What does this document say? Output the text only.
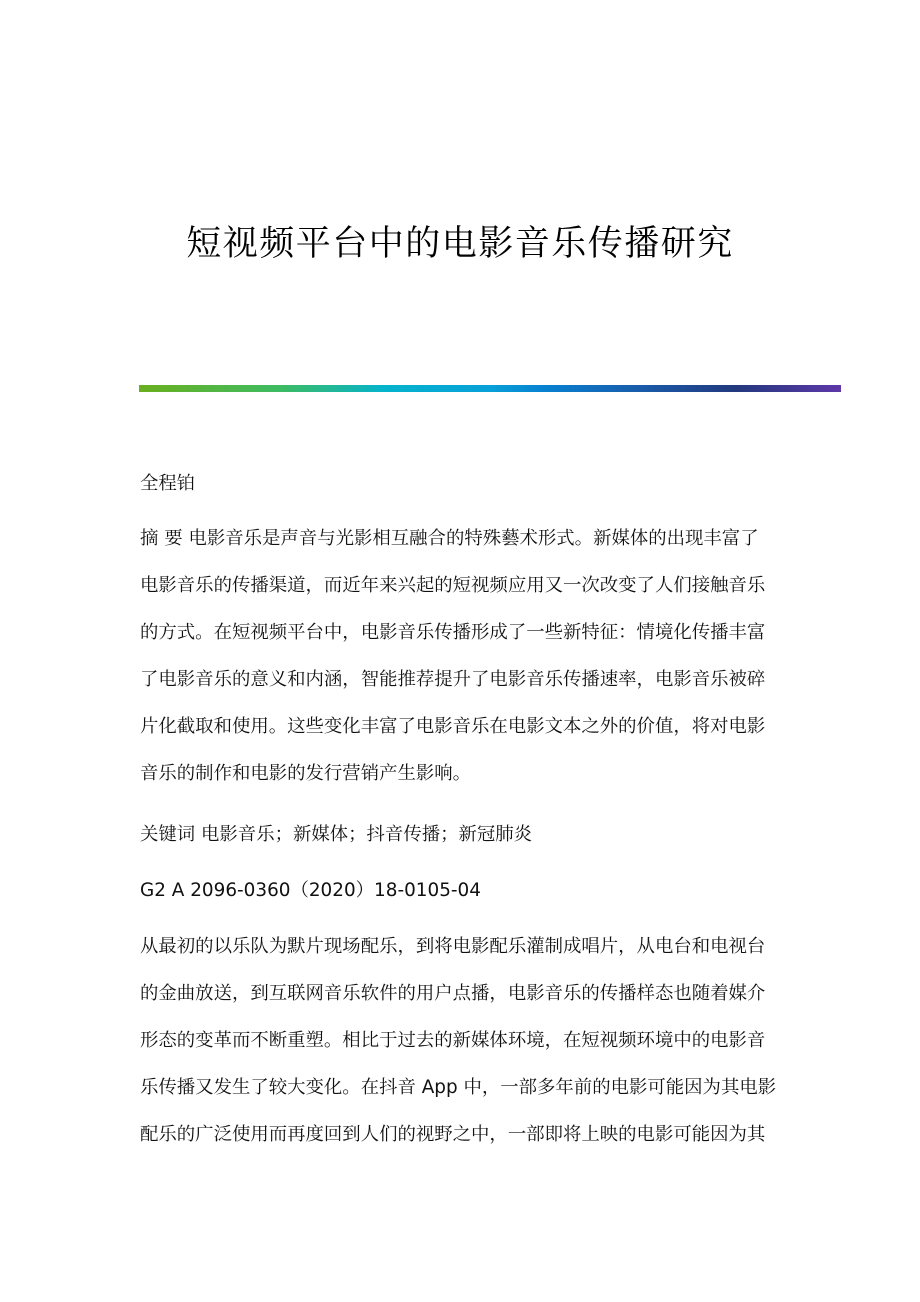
短视频平台中的电影音乐传播研究
全程铂
摘 要 电影音乐是声音与光影相互融合的特殊藝术形式。新媒体的出现丰富了
电影音乐的传播渠道，而近年来兴起的短视频应用又一次改变了人们接触音乐
的方式。在短视频平台中，电影音乐传播形成了一些新特征：情境化传播丰富
了电影音乐的意义和内涵，智能推荐提升了电影音乐传播速率，电影音乐被碎
片化截取和使用。这些变化丰富了电影音乐在电影文本之外的价值，将对电影
音乐的制作和电影的发行营销产生影响。
关键词 电影音乐；新媒体；抖音传播；新冠肺炎
G2 A 2096-0360（2020）18-0105-04
从最初的以乐队为默片现场配乐，到将电影配乐灌制成唱片，从电台和电视台
的金曲放送，到互联网音乐软件的用户点播，电影音乐的传播样态也随着媒介
形态的变革而不断重塑。相比于过去的新媒体环境，在短视频环境中的电影音
乐传播又发生了较大变化。在抖音 App 中，一部多年前的电影可能因为其电影
配乐的广泛使用而再度回到人们的视野之中，一部即将上映的电影可能因为其
